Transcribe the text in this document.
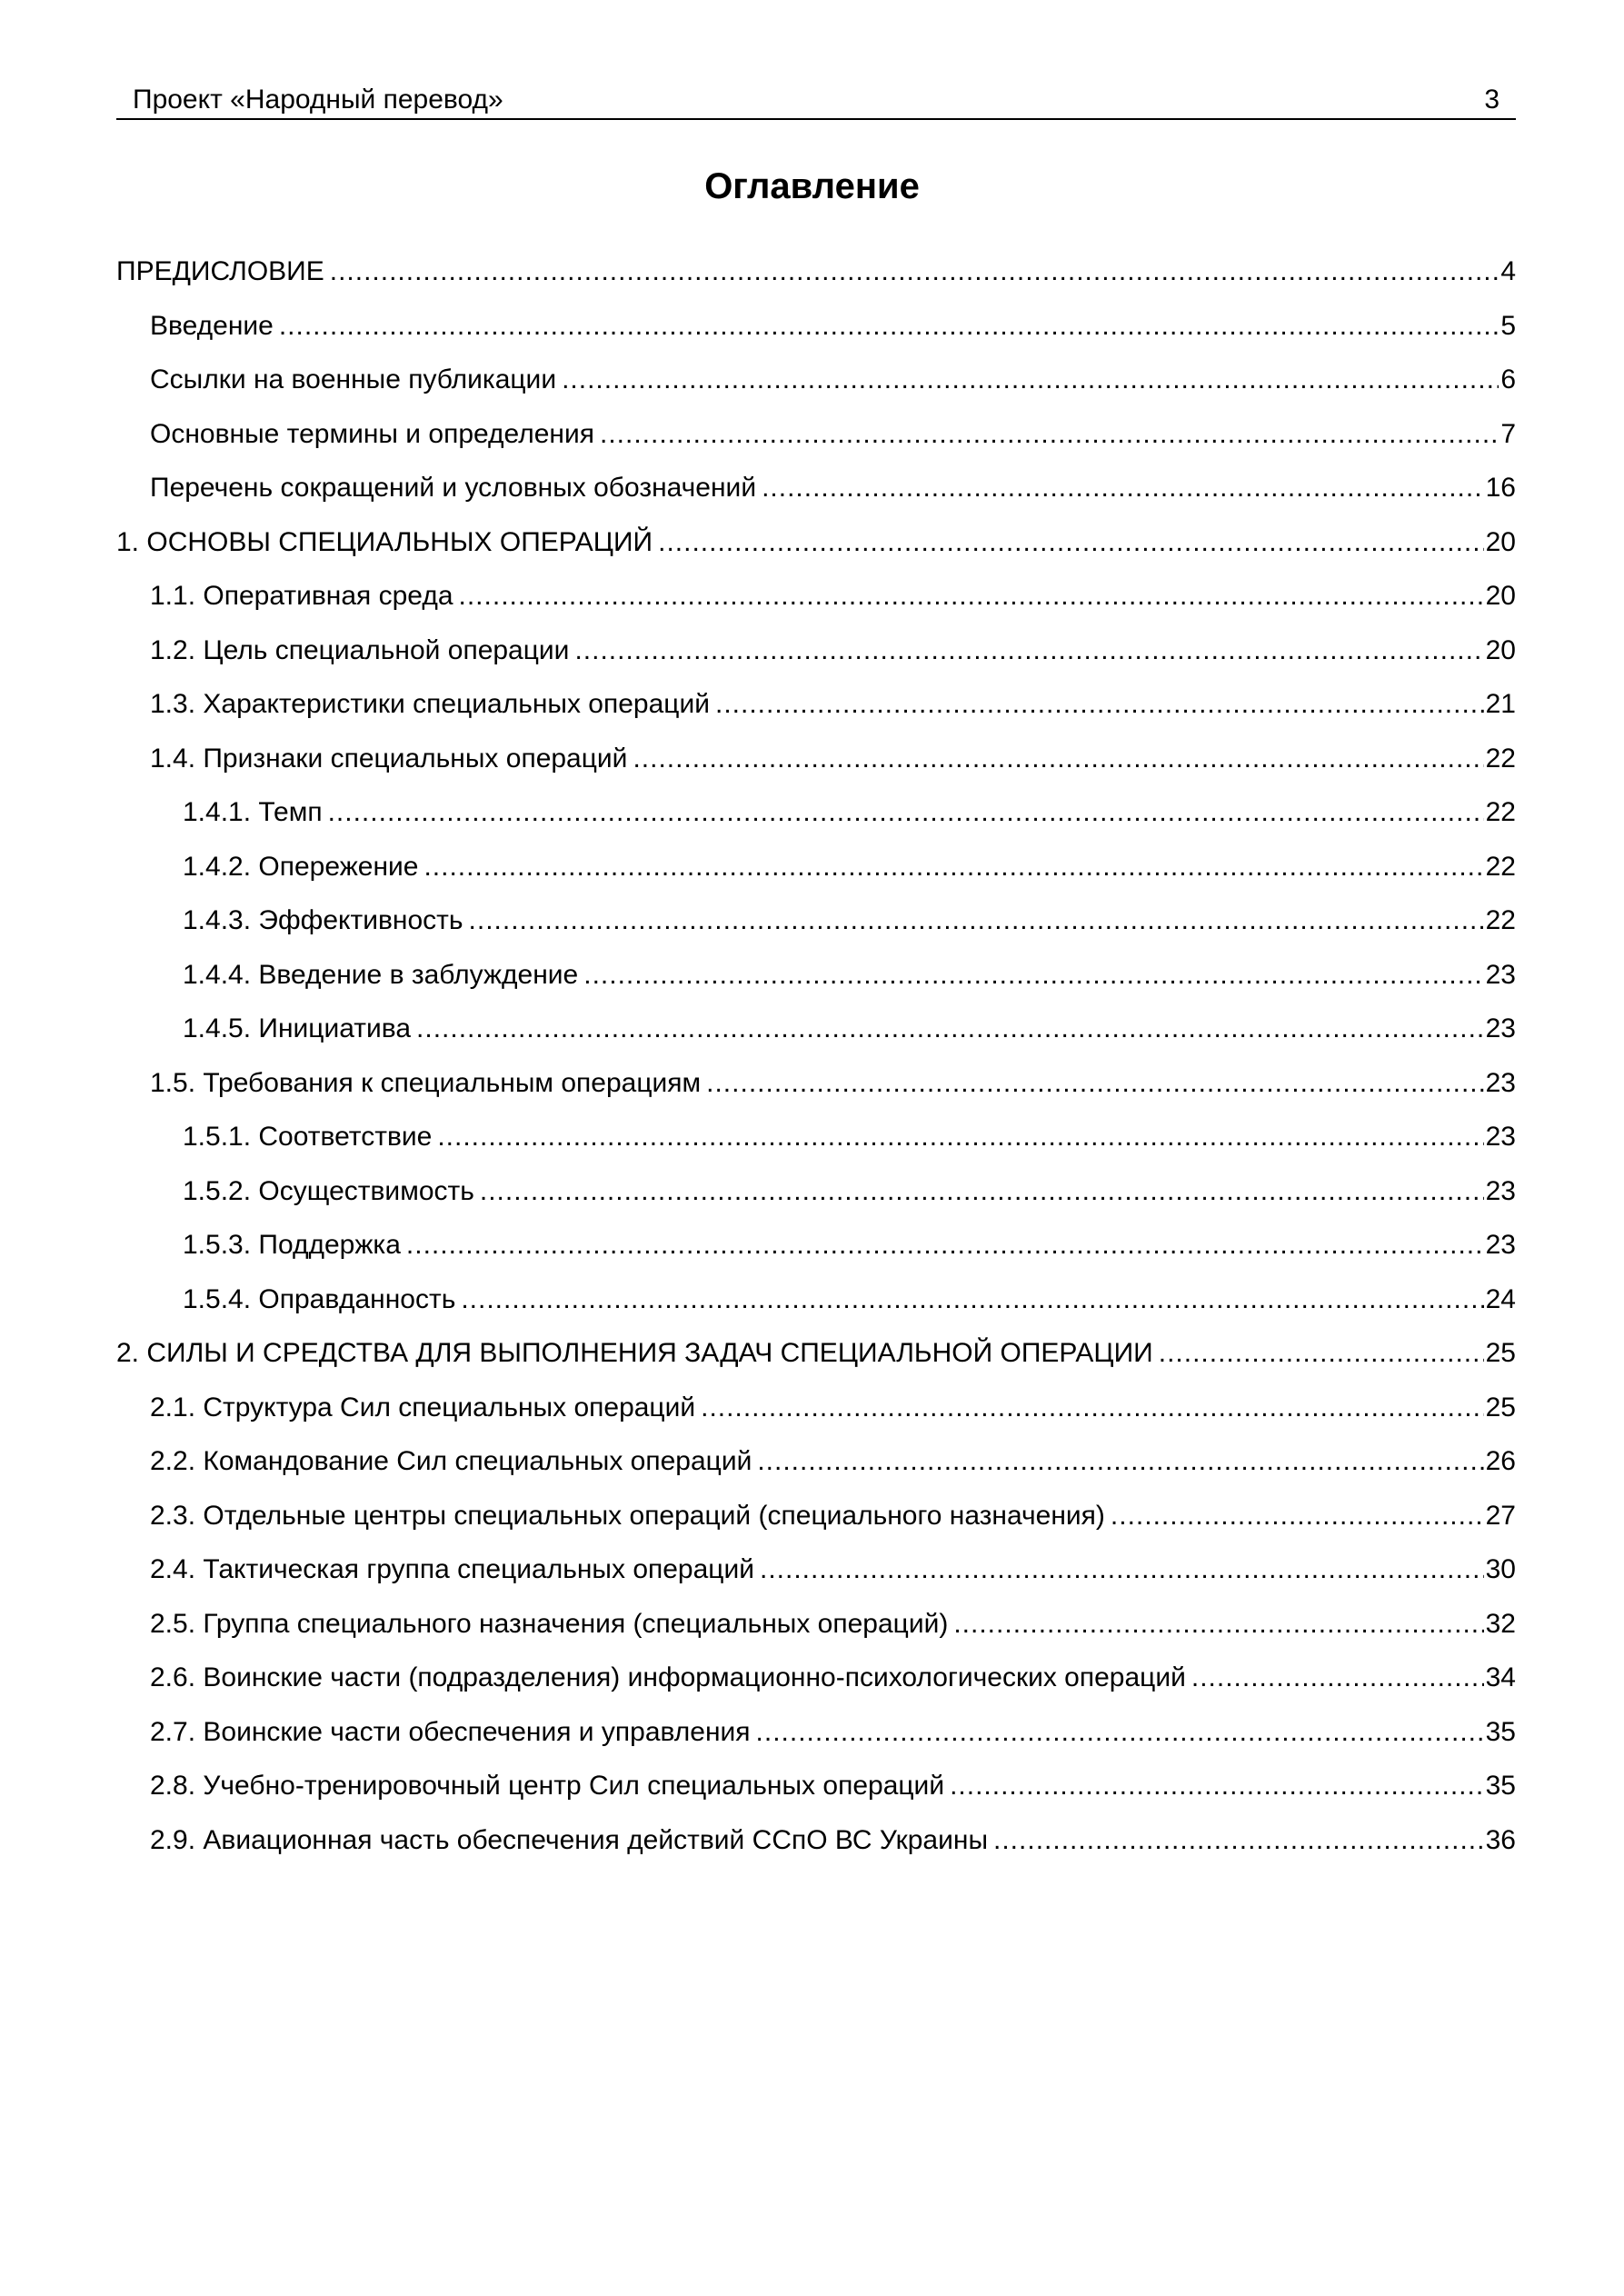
Проект «Народный перевод»	3
Оглавление
ПРЕДИСЛОВИЕ .....	4
Введение .....	5
Ссылки на военные публикации .....	6
Основные термины и определения .....	7
Перечень сокращений и условных обозначений .....	16
1. ОСНОВЫ СПЕЦИАЛЬНЫХ ОПЕРАЦИЙ .....	20
1.1. Оперативная среда .....	20
1.2. Цель специальной операции .....	20
1.3. Характеристики специальных операций .....	21
1.4. Признаки специальных операций .....	22
1.4.1. Темп .....	22
1.4.2. Опережение .....	22
1.4.3. Эффективность .....	22
1.4.4. Введение в заблуждение .....	23
1.4.5. Инициатива .....	23
1.5. Требования к специальным операциям .....	23
1.5.1. Соответствие .....	23
1.5.2. Осуществимость .....	23
1.5.3. Поддержка .....	23
1.5.4. Оправданность .....	24
2. СИЛЫ И СРЕДСТВА ДЛЯ ВЫПОЛНЕНИЯ ЗАДАЧ СПЕЦИАЛЬНОЙ ОПЕРАЦИИ .....	25
2.1. Структура Сил специальных операций .....	25
2.2. Командование Сил специальных операций .....	26
2.3. Отдельные центры специальных операций (специального назначения) .....	27
2.4. Тактическая группа специальных операций .....	30
2.5. Группа специального назначения (специальных операций) .....	32
2.6. Воинские части (подразделения) информационно-психологических операций .....	34
2.7. Воинские части обеспечения и управления .....	35
2.8. Учебно-тренировочный центр Сил специальных операций .....	35
2.9. Авиационная часть обеспечения действий ССпО ВС Украины .....	36
